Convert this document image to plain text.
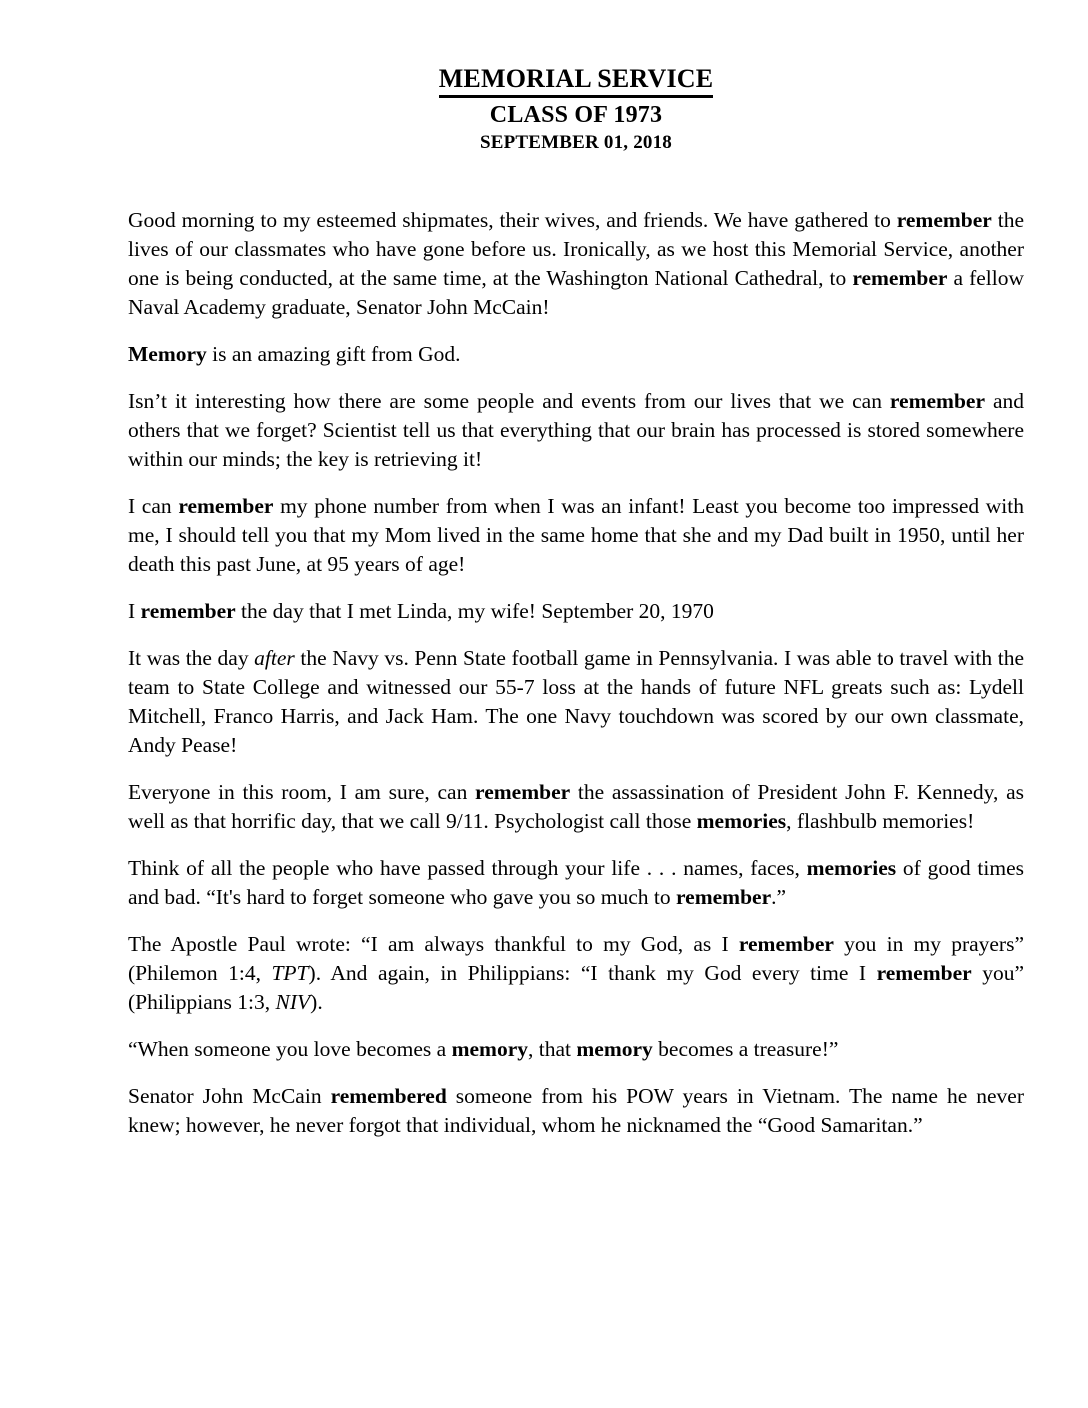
MEMORIAL SERVICE
CLASS OF 1973
SEPTEMBER 01, 2018

Good morning to my esteemed shipmates, their wives, and friends. We have gathered to remember the lives of our classmates who have gone before us. Ironically, as we host this Memorial Service, another one is being conducted, at the same time, at the Washington National Cathedral, to remember a fellow Naval Academy graduate, Senator John McCain!

Memory is an amazing gift from God.

Isn’t it interesting how there are some people and events from our lives that we can remember and others that we forget? Scientist tell us that everything that our brain has processed is stored somewhere within our minds; the key is retrieving it!

I can remember my phone number from when I was an infant! Least you become too impressed with me, I should tell you that my Mom lived in the same home that she and my Dad built in 1950, until her death this past June, at 95 years of age!

I remember the day that I met Linda, my wife! September 20, 1970

It was the day after the Navy vs. Penn State football game in Pennsylvania. I was able to travel with the team to State College and witnessed our 55-7 loss at the hands of future NFL greats such as: Lydell Mitchell, Franco Harris, and Jack Ham. The one Navy touchdown was scored by our own classmate, Andy Pease!

Everyone in this room, I am sure, can remember the assassination of President John F. Kennedy, as well as that horrific day, that we call 9/11. Psychologist call those memories, flashbulb memories!

Think of all the people who have passed through your life . . . names, faces, memories of good times and bad. “It's hard to forget someone who gave you so much to remember.”

The Apostle Paul wrote: “I am always thankful to my God, as I remember you in my prayers” (Philemon 1:4, TPT). And again, in Philippians: “I thank my God every time I remember you” (Philippians 1:3, NIV).

“When someone you love becomes a memory, that memory becomes a treasure!”

Senator John McCain remembered someone from his POW years in Vietnam. The name he never knew; however, he never forgot that individual, whom he nicknamed the “Good Samaritan.”
